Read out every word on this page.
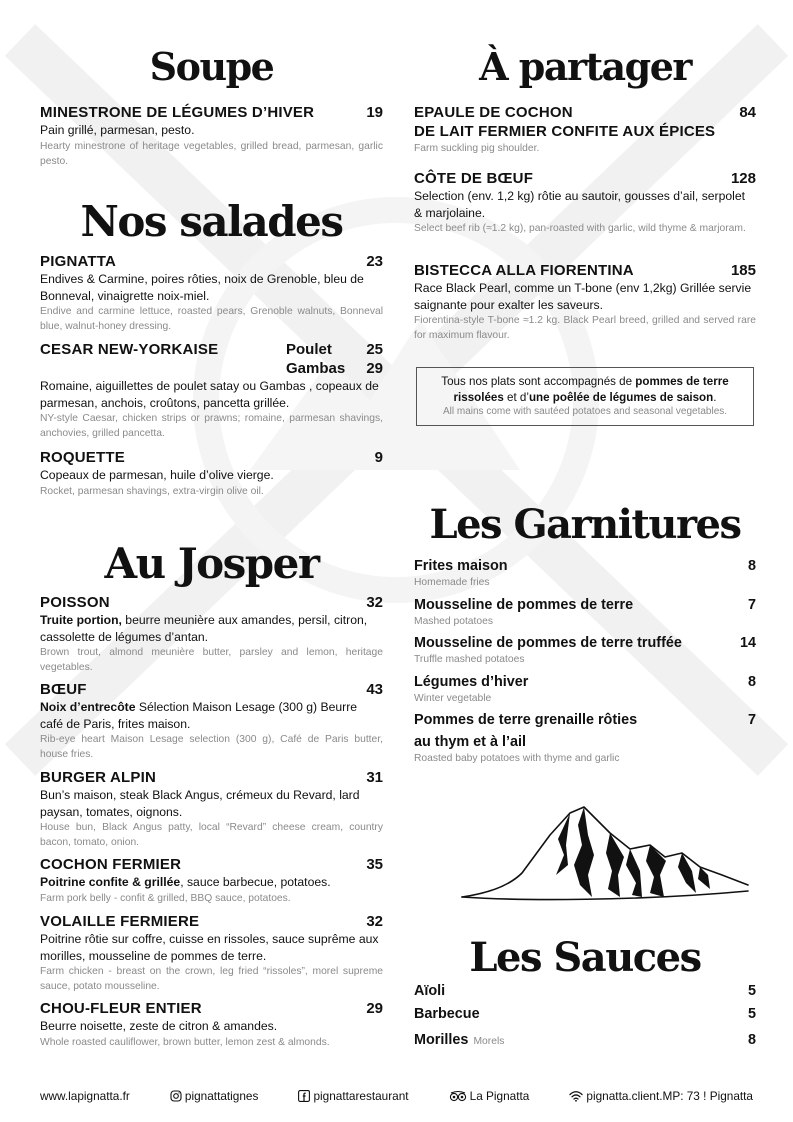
Soupe
Nos salades
Au Josper
À partager
Les Garnitures
Les Sauces
MINESTRONE DE LÉGUMES D’HIVER	19
Pain grillé, parmesan, pesto.
Hearty minestrone of heritage vegetables, grilled bread, parmesan, garlic pesto.
PIGNATTA	23
Endives & Carmine, poires rôties, noix de Grenoble, bleu de Bonneval, vinaigrette noix-miel.
Endive and carmine lettuce, roasted pears, Grenoble walnuts, Bonneval blue, walnut-honey dressing.
CESAR NEW-YORKAISE	Poulet 25
Gambas 29
Romaine, aiguillettes de poulet satay ou Gambas , copeaux de parmesan, anchois, croûtons, pancetta grillée.
NY-style Caesar, chicken strips or prawns; romaine, parmesan shavings, anchovies, grilled pancetta.
ROQUETTE	9
Copeaux de parmesan, huile d’olive vierge.
Rocket, parmesan shavings, extra-virgin olive oil.
POISSON	32
Truite portion, beurre meunière aux amandes, persil, citron, cassolette de légumes d’antan.
Brown trout, almond meunière butter, parsley and lemon, heritage vegetables.
BŒUF	43
Noix d’entrecôte Sélection Maison Lesage (300 g) Beurre café de Paris, frites maison.
Rib-eye heart Maison Lesage selection (300 g), Café de Paris butter, house fries.
BURGER ALPIN	31
Bun’s maison, steak Black Angus, crémeux du Revard, lard paysan, tomates, oignons.
House bun, Black Angus patty, local “Revard” cheese cream, country bacon, tomato, onion.
COCHON FERMIER	35
Poitrine confite & grillée, sauce barbecue, potatoes.
Farm pork belly - confit & grilled, BBQ sauce, potatoes.
VOLAILLE FERMIERE	32
Poitrine rôtie sur coffre, cuisse en rissoles, sauce suprême aux morilles, mousseline de pommes de terre.
Farm chicken - breast on the crown, leg fried “rissoles”, morel supreme sauce, potato mousseline.
CHOU-FLEUR ENTIER	29
Beurre noisette, zeste de citron & amandes.
Whole roasted cauliflower, brown butter, lemon zest & almonds.
EPAULE DE COCHON	84
DE LAIT FERMIER CONFITE AUX ÉPICES
Farm suckling pig shoulder.
CÔTE DE BŒUF	128
Selection (env. 1,2 kg) rôtie au sautoir, gousses d’ail, serpolet & marjolaine.
Select beef rib (≈1.2 kg), pan-roasted with garlic, wild thyme & marjoram.
BISTECCA ALLA FIORENTINA	185
Race Black Pearl, comme un T-bone (env 1,2kg) Grillée servie saignante pour exalter les saveurs.
Fiorentina-style T-bone ≈1.2 kg. Black Pearl breed, grilled and served rare for maximum flavour.
Tous nos plats sont accompagnés de pommes de terre rissolées et d’une poêlée de légumes de saison.
All mains come with sautéed potatoes and seasonal vegetables.
Frites maison	8
Homemade fries
Mousseline de pommes de terre	7
Mashed potatoes
Mousseline de pommes de terre truffée	14
Truffle mashed potatoes
Légumes d’hiver	8
Winter vegetable
Pommes de terre grenaille rôties	7
au thym et à l’ail
Roasted baby potatoes with thyme and garlic
Aïoli	5
Barbecue	5
Morilles Morels	8
www.lapignatta.fr	pignattatignes	pignattarestaurant	La Pignatta	pignatta.client.MP: 73 ! Pignatta
